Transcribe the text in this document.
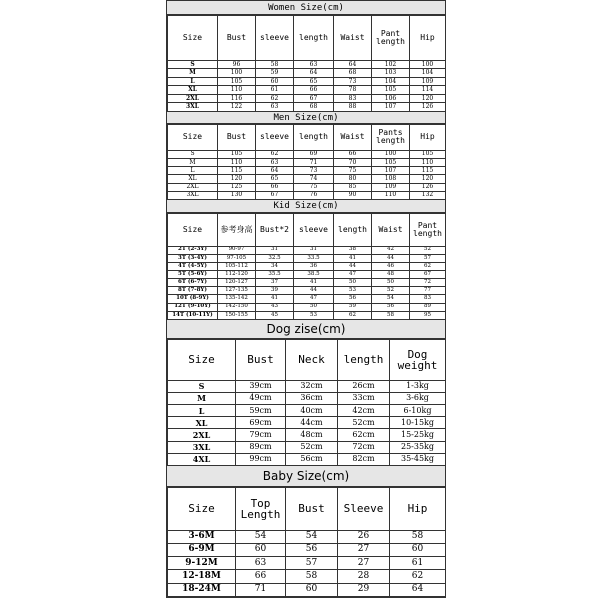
Women Size(cm)
Size	Bust	sleeve	length	Waist	Pant length	Hip
S	96	58	63	64	102	100
M	100	59	64	68	103	104
L	105	60	65	73	104	109
XL	110	61	66	78	105	114
2XL	116	62	67	83	106	120
3XL	122	63	68	88	107	126
Men Size(cm)
Size	Bust	sleeve	length	Waist	Pants length	Hip
S	105	62	69	66	100	105
M	110	63	71	70	105	110
L	115	64	73	75	107	115
XL	120	65	74	80	108	120
2XL	125	66	75	85	109	126
3XL	130	67	76	90	110	132
Kid Size(cm)
Size	参考身高	Bust*2	sleeve	length	Waist	Pant length
2T (2-3Y)	90-97	31	31	38	42	52
3T (3-4Y)	97-105	32.5	33.5	41	44	57
4T (4-5Y)	105-112	34	36	44	46	62
5T (5-6Y)	112-120	35.5	38.5	47	48	67
6T (6-7Y)	120-127	37	41	50	50	72
8T (7-8Y)	127-135	39	44	53	52	77
10T (8-9Y)	135-142	41	47	56	54	83
12T (9-10Y)	142-150	43	50	59	56	89
14T (10-11Y)	150-155	45	53	62	58	95
Dog zise(cm)
Size	Bust	Neck	length	Dog weight
S	39cm	32cm	26cm	1-3kg
M	49cm	36cm	33cm	3-6kg
L	59cm	40cm	42cm	6-10kg
XL	69cm	44cm	52cm	10-15kg
2XL	79cm	48cm	62cm	15-25kg
3XL	89cm	52cm	72cm	25-35kg
4XL	99cm	56cm	82cm	35-45kg
Baby Size(cm)
Size	Top Length	Bust	Sleeve	Hip
3-6M	54	54	26	58
6-9M	60	56	27	60
9-12M	63	57	27	61
12-18M	66	58	28	62
18-24M	71	60	29	64
